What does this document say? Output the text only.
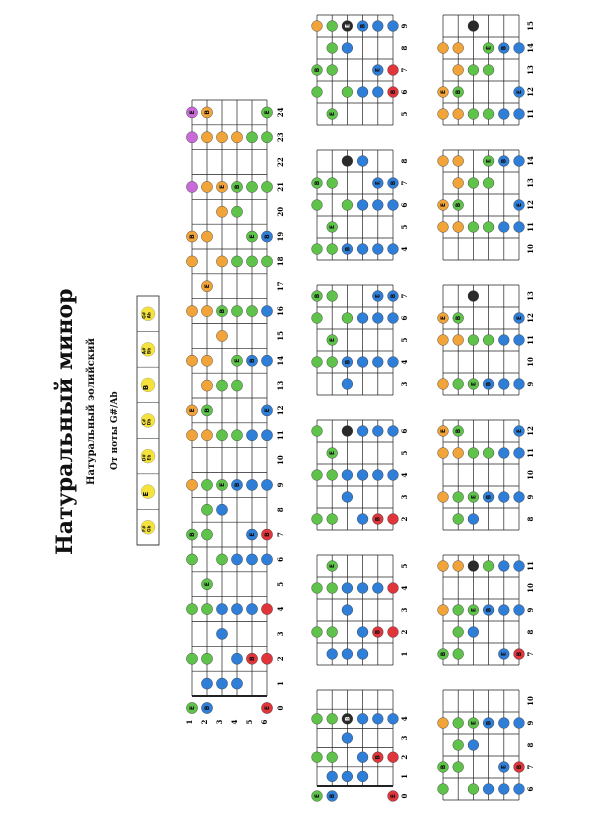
0
1
2
3
4
5
6
7
8
9
10
11
12
13
14
15
16
17
18
19
20
21
22
23
24
1 2 3 4 5 6
E B	E
B
E
B	E B
E B
E B	E
E B
B
E
B	E B
E B
E B	E
F# Gb
E
D# Eb
C# Db
B
A# Bb
G# Ab
0
1
2
3
4
E B	E
B
B
1
2
3
4
5
B
E
2
3
4
5
6
B
E
3
4
5
6
7
B
E
B	E B
4
5
6
7
8
B
E
B	E B
5
6
7
8
9
E
B
B	E
E B
6
7
8
9
10
B	E B
E B
7
8
9
10
11
B	E B
E B
8
9
10
11
12
E B
E B	E
9
10
11
12
13
E B
E B	E
10
11
12
13
14
E B	E
E B
11
12
13
14
15
E B	E
E B
Натуральный минор Натуральный эолийский От ноты G#/Ab
